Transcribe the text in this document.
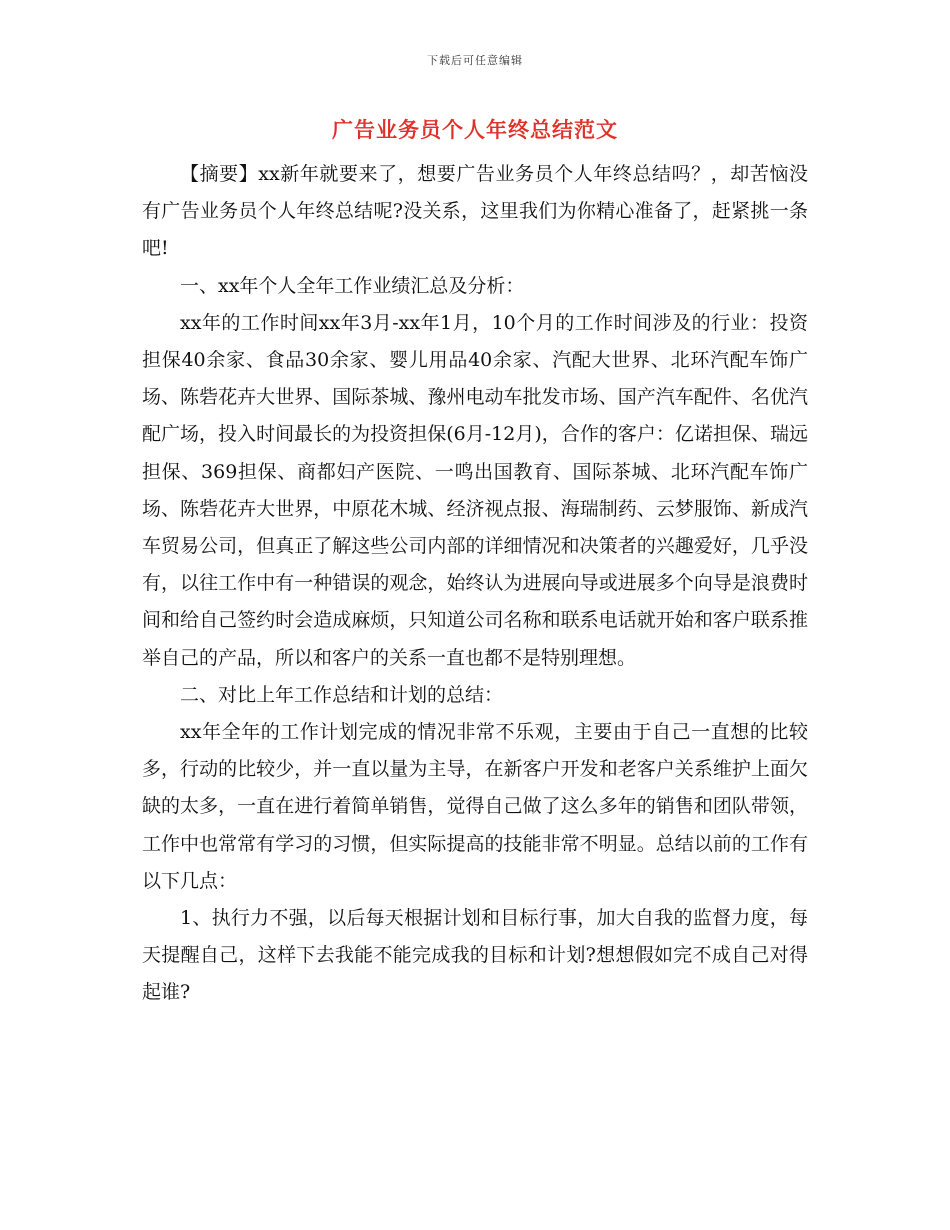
下载后可任意编辑
广告业务员个人年终总结范文

【摘要】xx新年就要来了，想要广告业务员个人年终总结吗？，却苦恼没有广告业务员个人年终总结呢?没关系，这里我们为你精心准备了，赶紧挑一条吧!

一、xx年个人全年工作业绩汇总及分析：

xx年的工作时间xx年3月-xx年1月，10个月的工作时间涉及的行业：投资担保40余家、食品30余家、婴儿用品40余家、汽配大世界、北环汽配车饰广场、陈砦花卉大世界、国际茶城、豫州电动车批发市场、国产汽车配件、名优汽配广场，投入时间最长的为投资担保(6月-12月)，合作的客户：亿诺担保、瑞远担保、369担保、商都妇产医院、一鸣出国教育、国际茶城、北环汽配车饰广场、陈砦花卉大世界，中原花木城、经济视点报、海瑞制药、云梦服饰、新成汽车贸易公司，但真正了解这些公司内部的详细情况和决策者的兴趣爱好，几乎没有，以往工作中有一种错误的观念，始终认为进展向导或进展多个向导是浪费时间和给自己签约时会造成麻烦，只知道公司名称和联系电话就开始和客户联系推举自己的产品，所以和客户的关系一直也都不是特别理想。

二、对比上年工作总结和计划的总结：

xx年全年的工作计划完成的情况非常不乐观，主要由于自己一直想的比较多，行动的比较少，并一直以量为主导，在新客户开发和老客户关系维护上面欠缺的太多，一直在进行着简单销售，觉得自己做了这么多年的销售和团队带领，工作中也常常有学习的习惯，但实际提高的技能非常不明显。总结以前的工作有以下几点：

1、执行力不强，以后每天根据计划和目标行事，加大自我的监督力度，每天提醒自己，这样下去我能不能完成我的目标和计划?想想假如完不成自己对得起谁?
